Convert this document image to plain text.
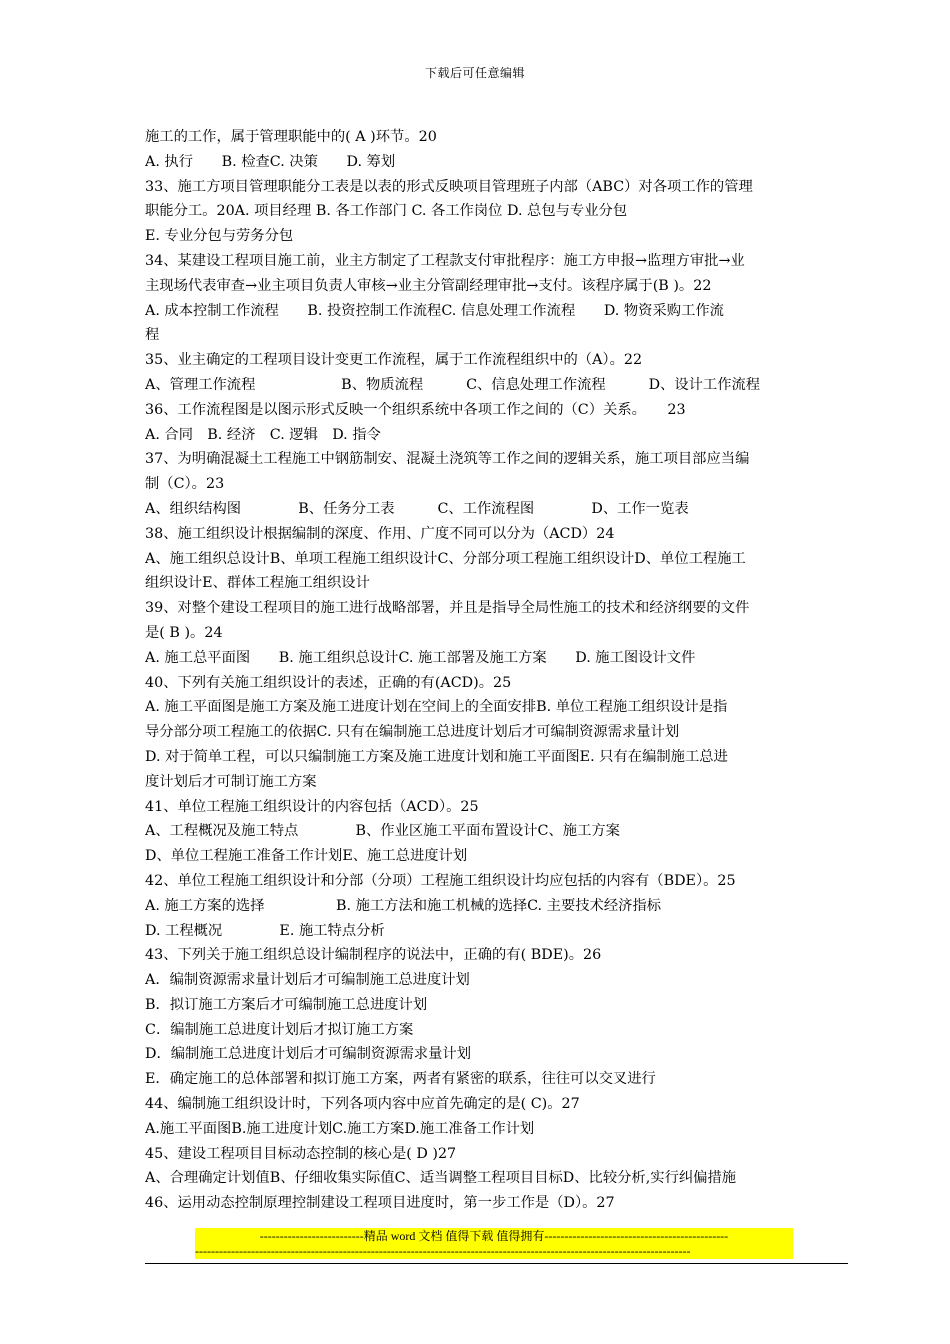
下载后可任意编辑
施工的工作，属于管理职能中的( A )环节。20
A. 执行　　B. 检查C. 决策　　D. 筹划
33、施工方项目管理职能分工表是以表的形式反映项目管理班子内部（ABC）对各项工作的管理
职能分工。20A. 项目经理 B. 各工作部门 C. 各工作岗位 D. 总包与专业分包
E. 专业分包与劳务分包
34、某建设工程项目施工前，业主方制定了工程款支付审批程序：施工方申报→监理方审批→业
主现场代表审查→业主项目负责人审核→业主分管副经理审批→支付。该程序属于(B )。22
A. 成本控制工作流程　　B. 投资控制工作流程C. 信息处理工作流程　　D. 物资采购工作流
程
35、业主确定的工程项目设计变更工作流程，属于工作流程组织中的（A）。22
A、管理工作流程　　　　　　B、物质流程　　　C、信息处理工作流程　　　D、设计工作流程
36、工作流程图是以图示形式反映一个组织系统中各项工作之间的（C）关系。　　23
A. 合同　B. 经济　C. 逻辑　D. 指令
37、为明确混凝土工程施工中钢筋制安、混凝土浇筑等工作之间的逻辑关系，施工项目部应当编
制（C）。23
A、组织结构图　　　　B、任务分工表　　　C、工作流程图　　　　D、工作一览表
38、施工组织设计根据编制的深度、作用、广度不同可以分为（ACD）24
A、施工组织总设计B、单项工程施工组织设计C、分部分项工程施工组织设计D、单位工程施工
组织设计E、群体工程施工组织设计
39、对整个建设工程项目的施工进行战略部署，并且是指导全局性施工的技术和经济纲要的文件
是( B )。24
A. 施工总平面图　　B. 施工组织总设计C. 施工部署及施工方案　　D. 施工图设计文件
40、下列有关施工组织设计的表述，正确的有(ACD)。25
A. 施工平面图是施工方案及施工进度计划在空间上的全面安排B. 单位工程施工组织设计是指
导分部分项工程施工的依据C. 只有在编制施工总进度计划后才可编制资源需求量计划
D. 对于简单工程，可以只编制施工方案及施工进度计划和施工平面图E. 只有在编制施工总进
度计划后才可制订施工方案
41、单位工程施工组织设计的内容包括（ACD）。25
A、工程概况及施工特点　　　　B、作业区施工平面布置设计C、施工方案
D、单位工程施工准备工作计划E、施工总进度计划
42、单位工程施工组织设计和分部（分项）工程施工组织设计均应包括的内容有（BDE）。25
A. 施工方案的选择　　　　　B. 施工方法和施工机械的选择C. 主要技术经济指标
D. 工程概况　　　　E. 施工特点分析
43、下列关于施工组织总设计编制程序的说法中，正确的有( BDE)。26
A．编制资源需求量计划后才可编制施工总进度计划
B．拟订施工方案后才可编制施工总进度计划
C．编制施工总进度计划后才拟订施工方案
D．编制施工总进度计划后才可编制资源需求量计划
E．确定施工的总体部署和拟订施工方案，两者有紧密的联系，往往可以交叉进行
44、编制施工组织设计时，下列各项内容中应首先确定的是( C)。27
A.施工平面图B.施工进度计划C.施工方案D.施工准备工作计划
45、建设工程项目目标动态控制的核心是( D )27
A、合理确定计划值B、仔细收集实际值C、适当调整工程项目目标D、比较分析,实行纠偏措施
46、运用动态控制原理控制建设工程项目进度时，第一步工作是（D）。27
--------------------------精品 word 文档 值得下载 值得拥有----------------------------------------------
----------------------------------------------------------------------------------------------------------------------------
